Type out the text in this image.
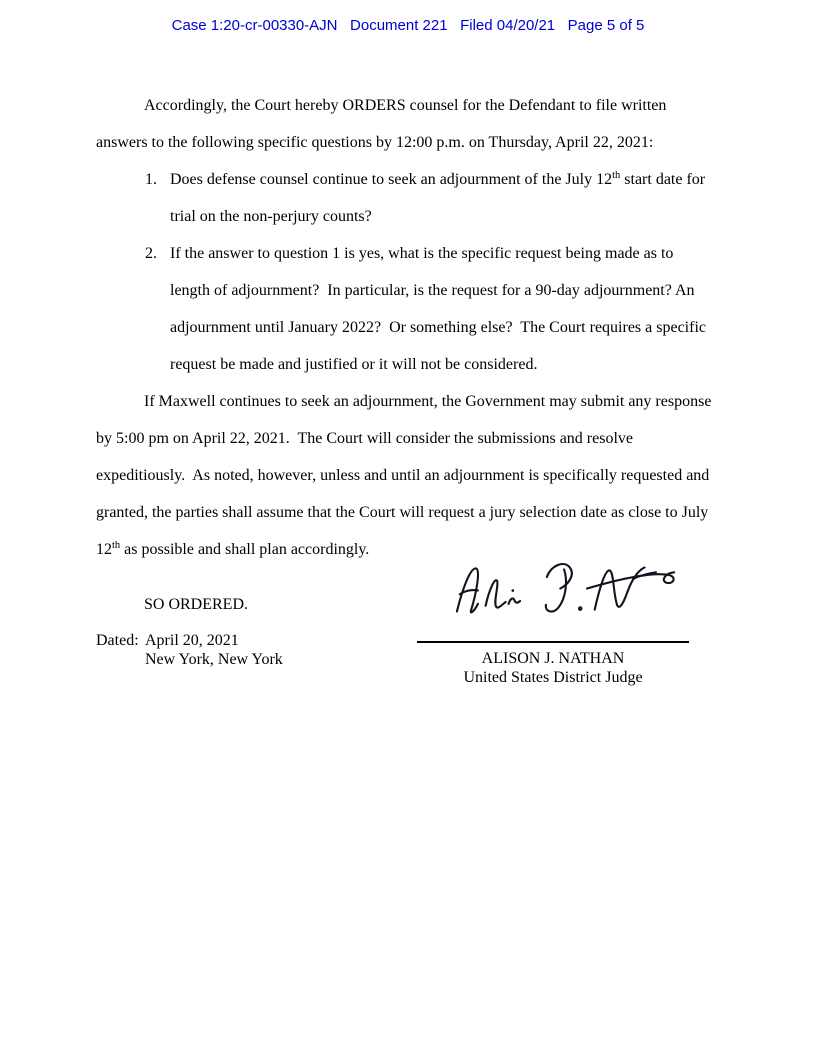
Case 1:20-cr-00330-AJN   Document 221   Filed 04/20/21   Page 5 of 5

Accordingly, the Court hereby ORDERS counsel for the Defendant to file written answers to the following specific questions by 12:00 p.m. on Thursday, April 22, 2021:

1. Does defense counsel continue to seek an adjournment of the July 12th start date for trial on the non-perjury counts?
2. If the answer to question 1 is yes, what is the specific request being made as to length of adjournment?  In particular, is the request for a 90-day adjournment? An adjournment until January 2022?  Or something else?  The Court requires a specific request be made and justified or it will not be considered.

If Maxwell continues to seek an adjournment, the Government may submit any response by 5:00 pm on April 22, 2021.  The Court will consider the submissions and resolve expeditiously.  As noted, however, unless and until an adjournment is specifically requested and granted, the parties shall assume that the Court will request a jury selection date as close to July 12th as possible and shall plan accordingly.

SO ORDERED.

Dated: April 20, 2021
New York, New York	ALISON J. NATHAN
United States District Judge
